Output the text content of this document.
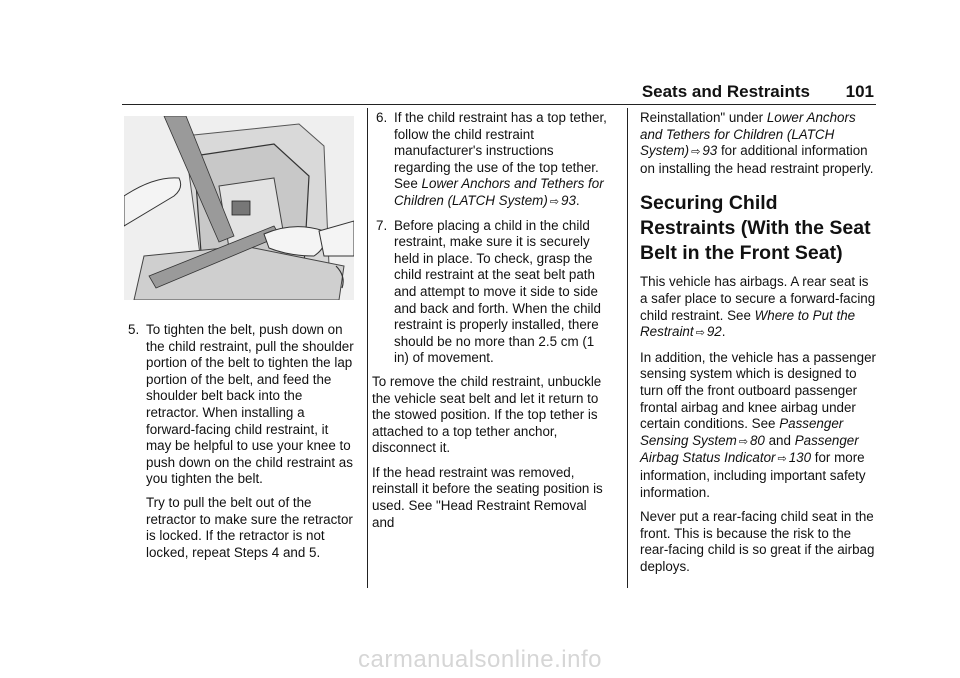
Seats and Restraints 101
5. To tighten the belt, push down on the child restraint, pull the shoulder portion of the belt to tighten the lap portion of the belt, and feed the shoulder belt back into the retractor. When installing a forward-facing child restraint, it may be helpful to use your knee to push down on the child restraint as you tighten the belt.
Try to pull the belt out of the retractor to make sure the retractor is locked. If the retractor is not locked, repeat Steps 4 and 5.
6. If the child restraint has a top tether, follow the child restraint manufacturer's instructions regarding the use of the top tether. See Lower Anchors and Tethers for Children (LATCH System) ⇨ 93.
7. Before placing a child in the child restraint, make sure it is securely held in place. To check, grasp the child restraint at the seat belt path and attempt to move it side to side and back and forth. When the child restraint is properly installed, there should be no more than 2.5 cm (1 in) of movement.

To remove the child restraint, unbuckle the vehicle seat belt and let it return to the stowed position. If the top tether is attached to a top tether anchor, disconnect it.

If the head restraint was removed, reinstall it before the seating position is used. See "Head Restraint Removal and

Reinstallation" under Lower Anchors and Tethers for Children (LATCH System) ⇨ 93 for additional information on installing the head restraint properly.

Securing Child Restraints (With the Seat Belt in the Front Seat)

This vehicle has airbags. A rear seat is a safer place to secure a forward-facing child restraint. See Where to Put the Restraint ⇨ 92.

In addition, the vehicle has a passenger sensing system which is designed to turn off the front outboard passenger frontal airbag and knee airbag under certain conditions. See Passenger Sensing System ⇨ 80 and Passenger Airbag Status Indicator ⇨ 130 for more information, including important safety information.

Never put a rear-facing child seat in the front. This is because the risk to the rear-facing child is so great if the airbag deploys.

carmanualsonline.info
